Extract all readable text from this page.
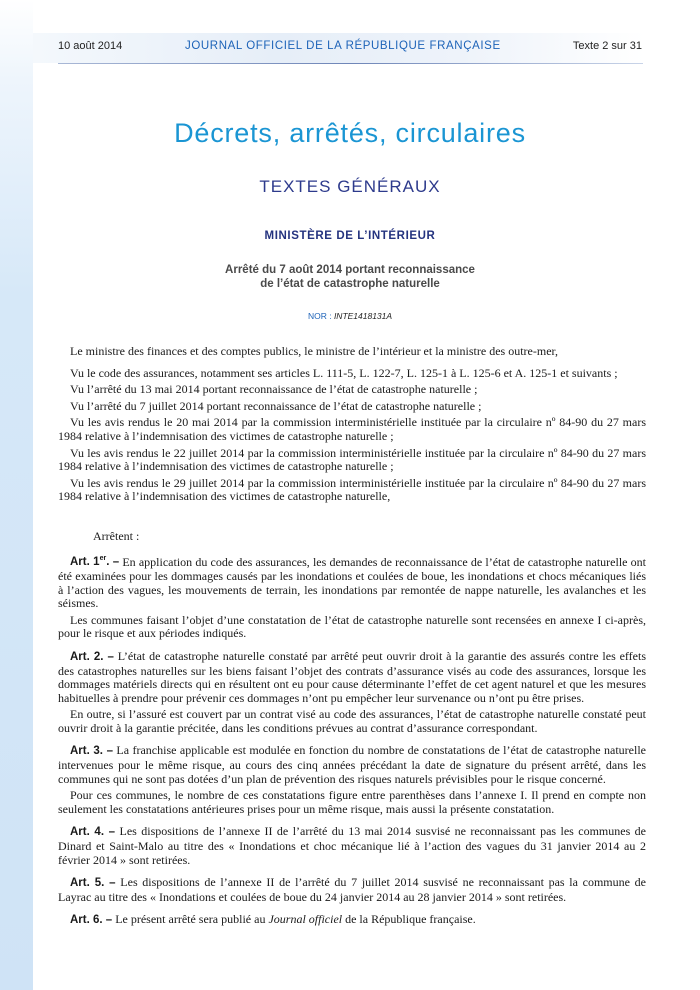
10 août 2014	JOURNAL OFFICIEL DE LA RÉPUBLIQUE FRANÇAISE	Texte 2 sur 31
Décrets, arrêtés, circulaires
TEXTES GÉNÉRAUX
MINISTÈRE DE L’INTÉRIEUR
Arrêté du 7 août 2014 portant reconnaissance
de l’état de catastrophe naturelle
NOR : INTE1418131A

Le ministre des finances et des comptes publics, le ministre de l’intérieur et la ministre des outre-mer,

Vu le code des assurances, notamment ses articles L. 111-5, L. 122-7, L. 125-1 à L. 125-6 et A. 125-1 et suivants ;

Vu l’arrêté du 13 mai 2014 portant reconnaissance de l’état de catastrophe naturelle ;

Vu l’arrêté du 7 juillet 2014 portant reconnaissance de l’état de catastrophe naturelle ;

Vu les avis rendus le 20 mai 2014 par la commission interministérielle instituée par la circulaire nº 84-90 du 27 mars 1984 relative à l’indemnisation des victimes de catastrophe naturelle ;

Vu les avis rendus le 22 juillet 2014 par la commission interministérielle instituée par la circulaire nº 84-90 du 27 mars 1984 relative à l’indemnisation des victimes de catastrophe naturelle ;

Vu les avis rendus le 29 juillet 2014 par la commission interministérielle instituée par la circulaire nº 84-90 du 27 mars 1984 relative à l’indemnisation des victimes de catastrophe naturelle,

Arrêtent :

Art. 1er. – En application du code des assurances, les demandes de reconnaissance de l’état de catastrophe naturelle ont été examinées pour les dommages causés par les inondations et coulées de boue, les inondations et chocs mécaniques liés à l’action des vagues, les mouvements de terrain, les inondations par remontée de nappe naturelle, les avalanches et les séismes.

Les communes faisant l’objet d’une constatation de l’état de catastrophe naturelle sont recensées en annexe I ci-après, pour le risque et aux périodes indiqués.

Art. 2. – L’état de catastrophe naturelle constaté par arrêté peut ouvrir droit à la garantie des assurés contre les effets des catastrophes naturelles sur les biens faisant l’objet des contrats d’assurance visés au code des assurances, lorsque les dommages matériels directs qui en résultent ont eu pour cause déterminante l’effet de cet agent naturel et que les mesures habituelles à prendre pour prévenir ces dommages n’ont pu empêcher leur survenance ou n’ont pu être prises.

En outre, si l’assuré est couvert par un contrat visé au code des assurances, l’état de catastrophe naturelle constaté peut ouvrir droit à la garantie précitée, dans les conditions prévues au contrat d’assurance correspondant.

Art. 3. – La franchise applicable est modulée en fonction du nombre de constatations de l’état de catastrophe naturelle intervenues pour le même risque, au cours des cinq années précédant la date de signature du présent arrêté, dans les communes qui ne sont pas dotées d’un plan de prévention des risques naturels prévisibles pour le risque concerné.

Pour ces communes, le nombre de ces constatations figure entre parenthèses dans l’annexe I. Il prend en compte non seulement les constatations antérieures prises pour un même risque, mais aussi la présente constatation.

Art. 4. – Les dispositions de l’annexe II de l’arrêté du 13 mai 2014 susvisé ne reconnaissant pas les communes de Dinard et Saint-Malo au titre des « Inondations et choc mécanique lié à l’action des vagues du 31 janvier 2014 au 2 février 2014 » sont retirées.

Art. 5. – Les dispositions de l’annexe II de l’arrêté du 7 juillet 2014 susvisé ne reconnaissant pas la commune de Layrac au titre des « Inondations et coulées de boue du 24 janvier 2014 au 28 janvier 2014 » sont retirées.

Art. 6. – Le présent arrêté sera publié au Journal officiel de la République française.
